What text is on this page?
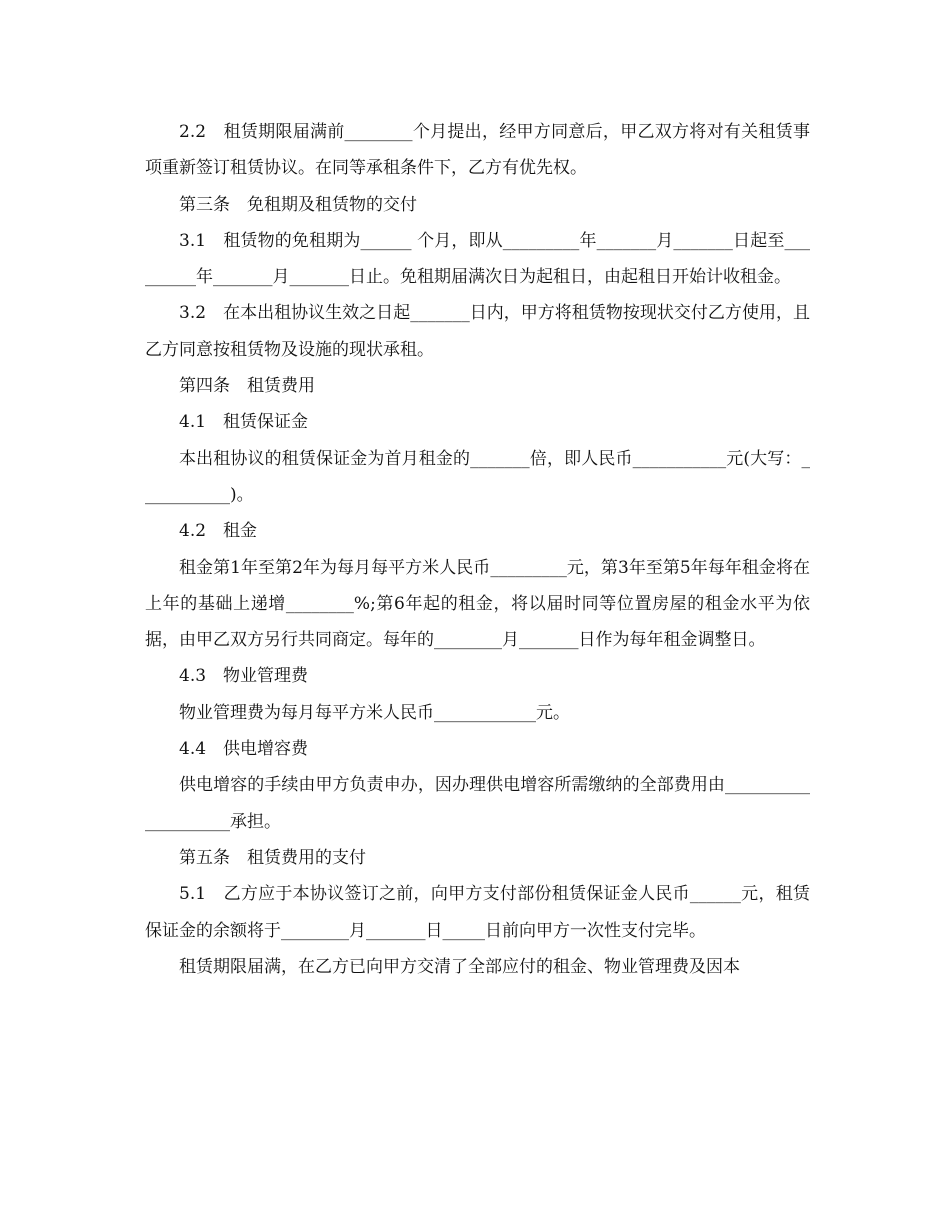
2.2　租赁期限届满前________个月提出，经甲方同意后，甲乙双方将对有关租赁事项重新签订租赁协议。在同等承租条件下，乙方有优先权。

第三条　免租期及租赁物的交付

3.1　租赁物的免租期为______ 个月，即从_________年_______月_______日起至_________年_______月_______日止。免租期届满次日为起租日，由起租日开始计收租金。

3.2　在本出租协议生效之日起_______日内，甲方将租赁物按现状交付乙方使用，且乙方同意按租赁物及设施的现状承租。

第四条　租赁费用

4.1　租赁保证金

本出租协议的租赁保证金为首月租金的_______倍，即人民币___________元(大写：___________)。

4.2　租金

租金第1年至第2年为每月每平方米人民币_________元，第3年至第5年每年租金将在上年的基础上递增________%;第6年起的租金，将以届时同等位置房屋的租金水平为依据，由甲乙双方另行共同商定。每年的________月_______日作为每年租金调整日。

4.3　物业管理费

物业管理费为每月每平方米人民币____________元。

4.4　供电增容费

供电增容的手续由甲方负责申办，因办理供电增容所需缴纳的全部费用由____________________承担。

第五条　租赁费用的支付

5.1　乙方应于本协议签订之前，向甲方支付部份租赁保证金人民币______元，租赁保证金的余额将于________月_______日_____日前向甲方一次性支付完毕。

租赁期限届满，在乙方已向甲方交清了全部应付的租金、物业管理费及因本
